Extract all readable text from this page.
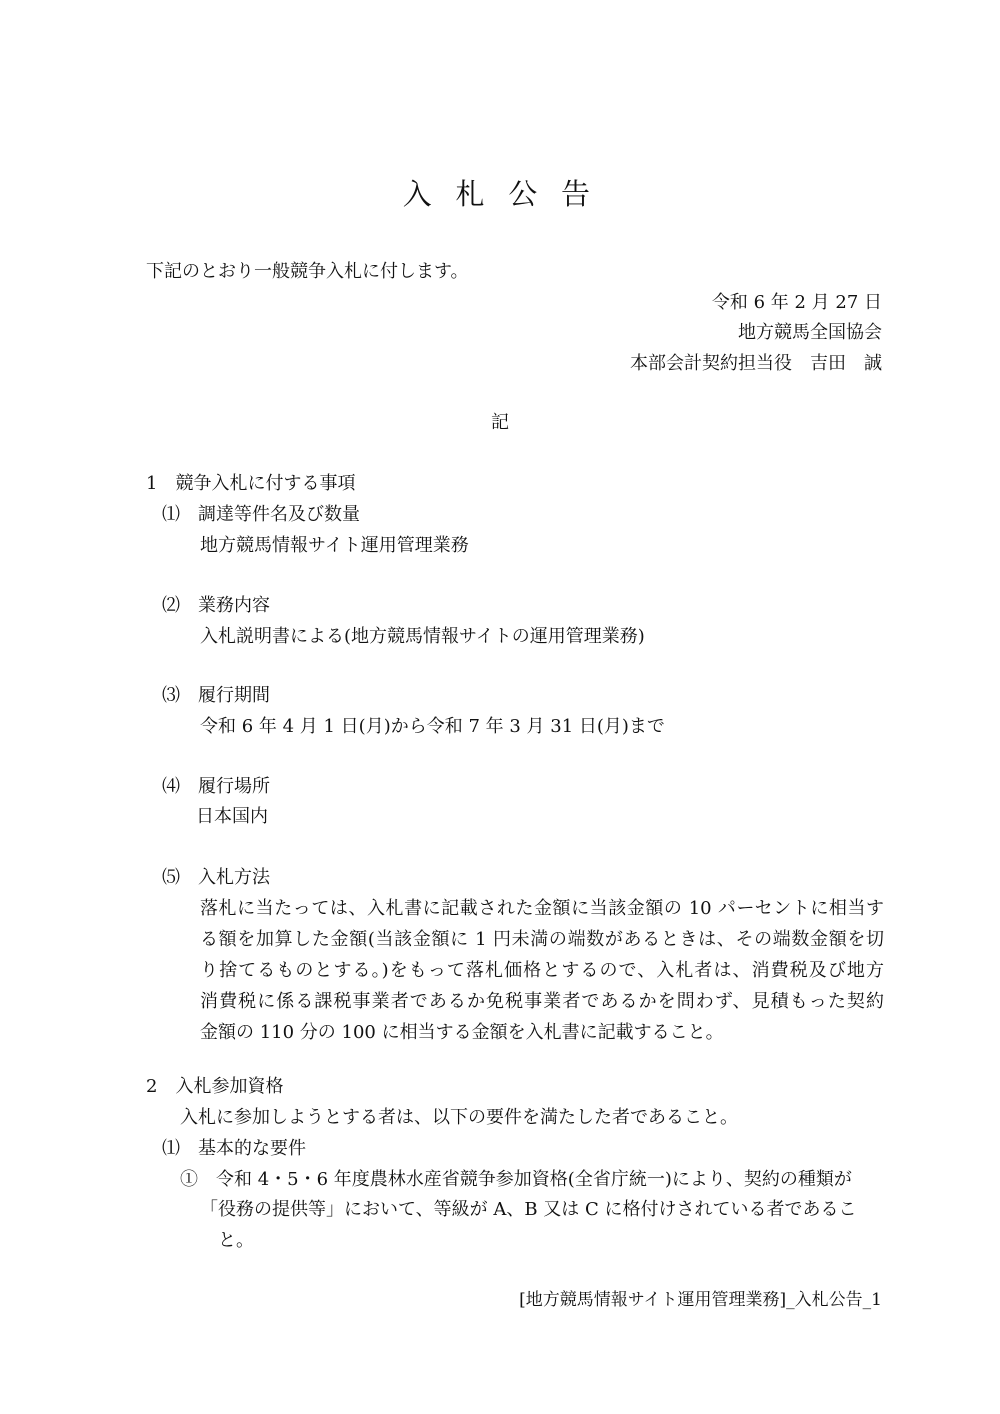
入 札 公 告
下記のとおり一般競争入札に付します。
令和 6 年 2 月 27 日
地方競馬全国協会
本部会計契約担当役　吉田　誠
記
1　競争入札に付する事項
⑴　調達等件名及び数量
地方競馬情報サイト運用管理業務
⑵　業務内容
入札説明書による(地方競馬情報サイトの運用管理業務)
⑶　履行期間
令和 6 年 4 月 1 日(月)から令和 7 年 3 月 31 日(月)まで
⑷　履行場所
日本国内
⑸　入札方法
落札に当たっては、入札書に記載された金額に当該金額の 10 パーセントに相当す
る額を加算した金額(当該金額に 1 円未満の端数があるときは、その端数金額を切
り捨てるものとする。)をもって落札価格とするので、入札者は、消費税及び地方
消費税に係る課税事業者であるか免税事業者であるかを問わず、見積もった契約
金額の 110 分の 100 に相当する金額を入札書に記載すること。
2　入札参加資格
入札に参加しようとする者は、以下の要件を満たした者であること。
⑴　基本的な要件
①　令和 4・5・6 年度農林水産省競争参加資格(全省庁統一)により、契約の種類が
「役務の提供等」において、等級が A、B 又は C に格付けされている者であるこ
と。
[地方競馬情報サイト運用管理業務]_入札公告_1
